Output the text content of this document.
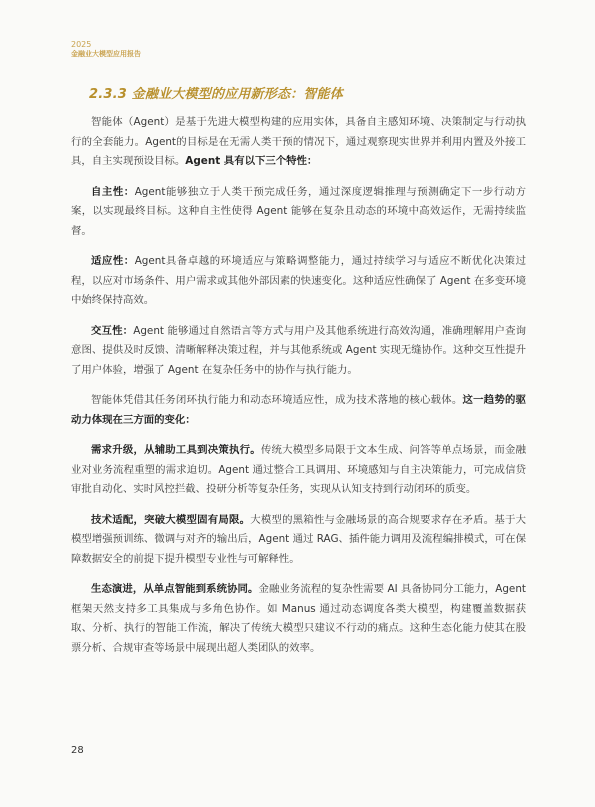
2025
金融业大模型应用报告
2.3.3 金融业大模型的应用新形态：智能体

智能体（Agent）是基于先进大模型构建的应用实体，具备自主感知环境、决策制定与行动执行的全套能力。Agent的目标是在无需人类干预的情况下，通过观察现实世界并利用内置及外接工具，自主实现预设目标。Agent 具有以下三个特性：

自主性：Agent能够独立于人类干预完成任务，通过深度逻辑推理与预测确定下一步行动方案，以实现最终目标。这种自主性使得 Agent 能够在复杂且动态的环境中高效运作，无需持续监督。

适应性：Agent具备卓越的环境适应与策略调整能力，通过持续学习与适应不断优化决策过程，以应对市场条件、用户需求或其他外部因素的快速变化。这种适应性确保了 Agent 在多变环境中始终保持高效。

交互性：Agent 能够通过自然语言等方式与用户及其他系统进行高效沟通，准确理解用户查询意图、提供及时反馈、清晰解释决策过程，并与其他系统或 Agent 实现无缝协作。这种交互性提升了用户体验，增强了 Agent 在复杂任务中的协作与执行能力。

智能体凭借其任务闭环执行能力和动态环境适应性，成为技术落地的核心载体。这一趋势的驱动力体现在三方面的变化：

需求升级，从辅助工具到决策执行。传统大模型多局限于文本生成、问答等单点场景，而金融业对业务流程重塑的需求迫切。Agent 通过整合工具调用、环境感知与自主决策能力，可完成信贷审批自动化、实时风控拦截、投研分析等复杂任务，实现从认知支持到行动闭环的质变。

技术适配，突破大模型固有局限。大模型的黑箱性与金融场景的高合规要求存在矛盾。基于大模型增强预训练、微调与对齐的输出后，Agent 通过 RAG、插件能力调用及流程编排模式，可在保障数据安全的前提下提升模型专业性与可解释性。

生态演进，从单点智能到系统协同。金融业务流程的复杂性需要 AI 具备协同分工能力，Agent 框架天然支持多工具集成与多角色协作。如 Manus 通过动态调度各类大模型，构建覆盖数据获取、分析、执行的智能工作流，解决了传统大模型只建议不行动的痛点。这种生态化能力使其在股票分析、合规审查等场景中展现出超人类团队的效率。

28
